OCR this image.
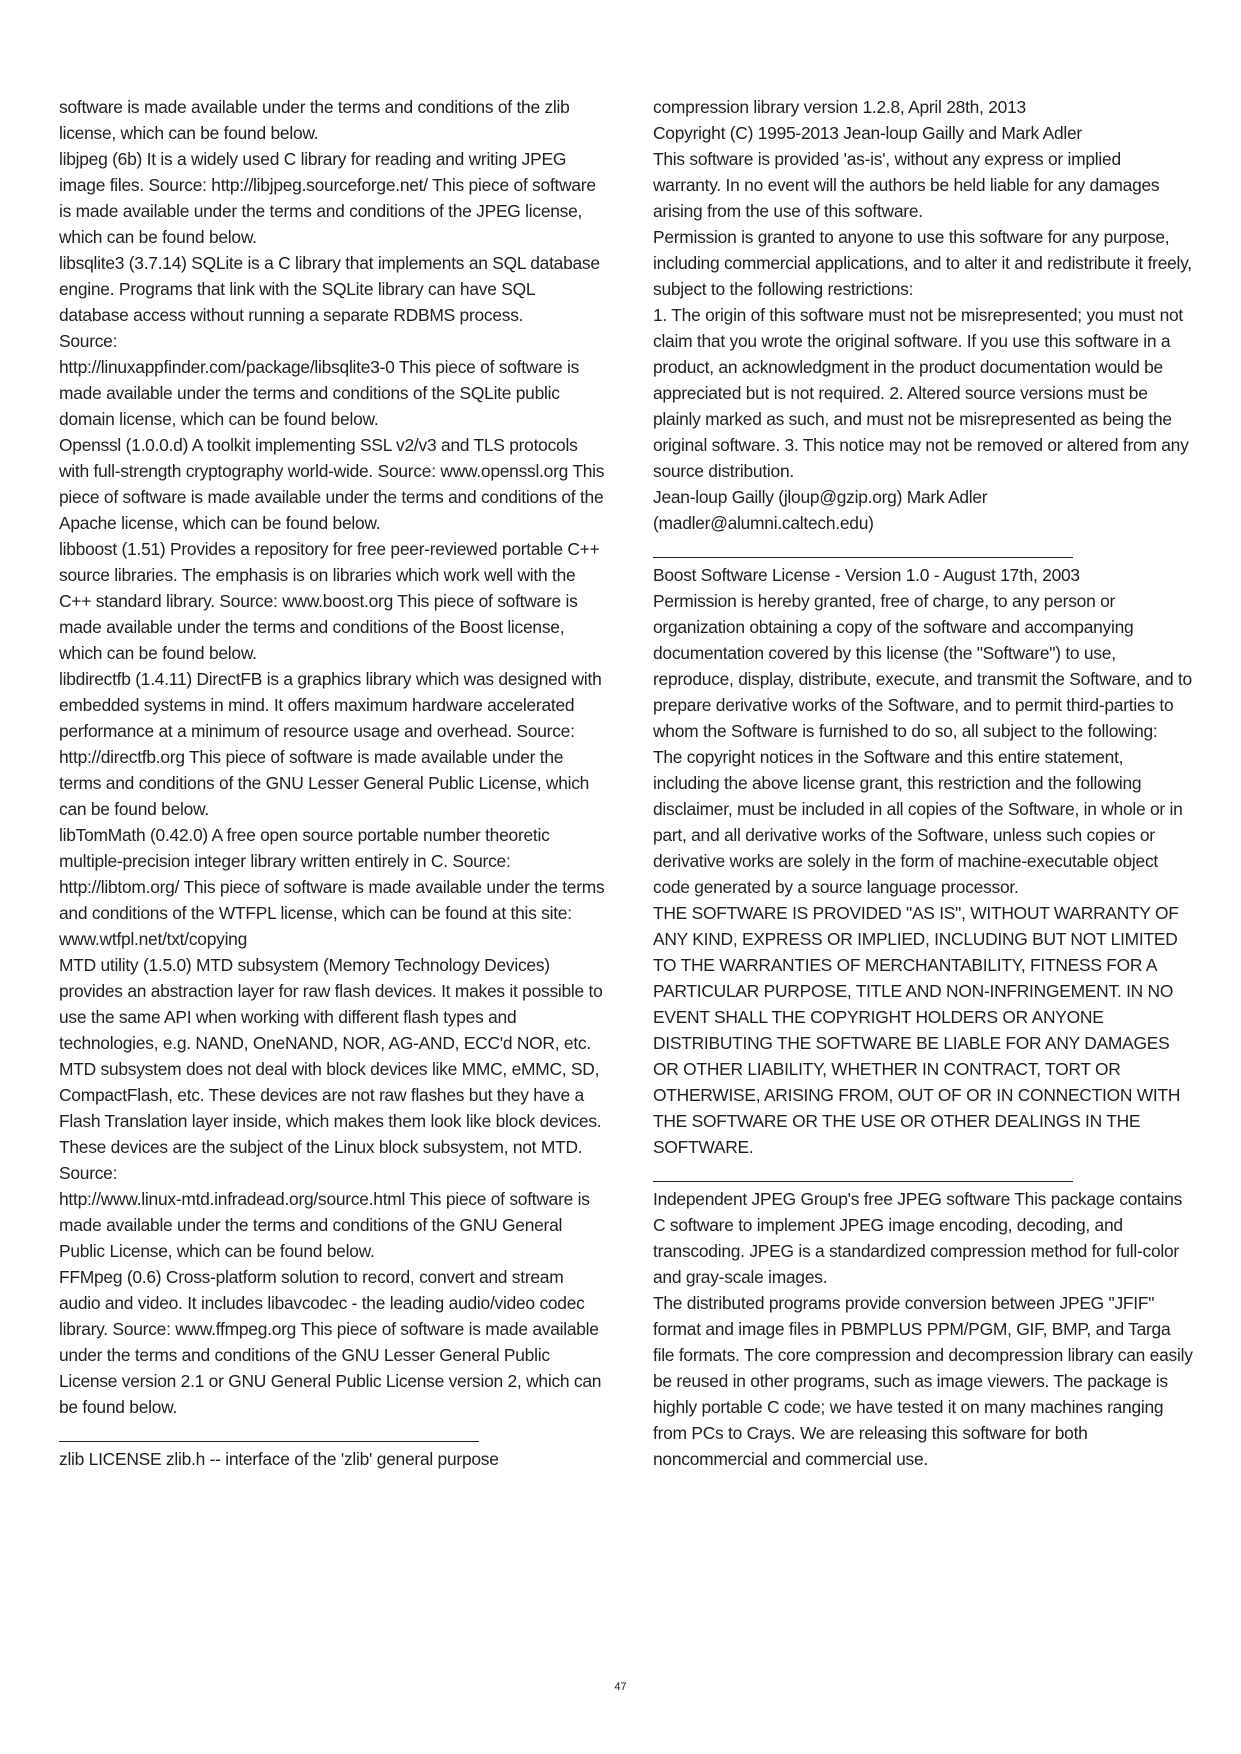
software is made available under the terms and conditions of the zlib license, which can be found below.

libjpeg (6b) It is a widely used C library for reading and writing JPEG image files. Source: http://libjpeg.sourceforge.net/ This piece of software is made available under the terms and conditions of the JPEG license, which can be found below.

libsqlite3 (3.7.14) SQLite is a C library that implements an SQL database engine. Programs that link with the SQLite library can have SQL database access without running a separate RDBMS process.

Source:

http://linuxappfinder.com/package/libsqlite3-0 This piece of software is made available under the terms and conditions of the SQLite public domain license, which can be found below.

Openssl (1.0.0.d) A toolkit implementing SSL v2/v3 and TLS protocols with full-strength cryptography world-wide. Source: www.openssl.org This piece of software is made available under the terms and conditions of the Apache license, which can be found below.

libboost (1.51) Provides a repository for free peer-reviewed portable C++ source libraries. The emphasis is on libraries which work well with the C++ standard library. Source: www.boost.org This piece of software is made available under the terms and conditions of the Boost license, which can be found below.

libdirectfb (1.4.11) DirectFB is a graphics library which was designed with embedded systems in mind. It offers maximum hardware accelerated performance at a minimum of resource usage and overhead. Source: http://directfb.org This piece of software is made available under the terms and conditions of the GNU Lesser General Public License, which can be found below.

libTomMath (0.42.0) A free open source portable number theoretic multiple-precision integer library written entirely in C. Source: http://libtom.org/ This piece of software is made available under the terms and conditions of the WTFPL license, which can be found at this site: www.wtfpl.net/txt/copying

MTD utility (1.5.0) MTD subsystem (Memory Technology Devices) provides an abstraction layer for raw flash devices. It makes it possible to use the same API when working with different flash types and technologies, e.g. NAND, OneNAND, NOR, AG-AND, ECC'd NOR, etc. MTD subsystem does not deal with block devices like MMC, eMMC, SD, CompactFlash, etc. These devices are not raw flashes but they have a Flash Translation layer inside, which makes them look like block devices. These devices are the subject of the Linux block subsystem, not MTD.

Source:

http://www.linux-mtd.infradead.org/source.html This piece of software is made available under the terms and conditions of the GNU General Public License, which can be found below.

FFMpeg (0.6) Cross-platform solution to record, convert and stream audio and video. It includes libavcodec - the leading audio/video codec library. Source: www.ffmpeg.org This piece of software is made available under the terms and conditions of the GNU Lesser General Public License version 2.1 or GNU General Public License version 2, which can be found below.

zlib LICENSE zlib.h -- interface of the 'zlib' general purpose

compression library version 1.2.8, April 28th, 2013

Copyright (C) 1995-2013 Jean-loup Gailly and Mark Adler

This software is provided 'as-is', without any express or implied warranty. In no event will the authors be held liable for any damages arising from the use of this software.

Permission is granted to anyone to use this software for any purpose, including commercial applications, and to alter it and redistribute it freely, subject to the following restrictions:

1. The origin of this software must not be misrepresented; you must not claim that you wrote the original software. If you use this software in a product, an acknowledgment in the product documentation would be appreciated but is not required. 2. Altered source versions must be plainly marked as such, and must not be misrepresented as being the original software. 3. This notice may not be removed or altered from any source distribution.

Jean-loup Gailly (jloup@gzip.org) Mark Adler (madler@alumni.caltech.edu)

Boost Software License - Version 1.0 - August 17th, 2003

Permission is hereby granted, free of charge, to any person or organization obtaining a copy of the software and accompanying documentation covered by this license (the "Software") to use, reproduce, display, distribute, execute, and transmit the Software, and to prepare derivative works of the Software, and to permit third-parties to whom the Software is furnished to do so, all subject to the following:

The copyright notices in the Software and this entire statement, including the above license grant, this restriction and the following disclaimer, must be included in all copies of the Software, in whole or in part, and all derivative works of the Software, unless such copies or derivative works are solely in the form of machine-executable object code generated by a source language processor.

THE SOFTWARE IS PROVIDED "AS IS", WITHOUT WARRANTY OF ANY KIND, EXPRESS OR IMPLIED, INCLUDING BUT NOT LIMITED TO THE WARRANTIES OF MERCHANTABILITY, FITNESS FOR A PARTICULAR PURPOSE, TITLE AND NON-INFRINGEMENT. IN NO EVENT SHALL THE COPYRIGHT HOLDERS OR ANYONE DISTRIBUTING THE SOFTWARE BE LIABLE FOR ANY DAMAGES OR OTHER LIABILITY, WHETHER IN CONTRACT, TORT OR OTHERWISE, ARISING FROM, OUT OF OR IN CONNECTION WITH THE SOFTWARE OR THE USE OR OTHER DEALINGS IN THE SOFTWARE.

Independent JPEG Group's free JPEG software This package contains C software to implement JPEG image encoding, decoding, and transcoding. JPEG is a standardized compression method for full-color and gray-scale images.

The distributed programs provide conversion between JPEG "JFIF" format and image files in PBMPLUS PPM/PGM, GIF, BMP, and Targa file formats. The core compression and decompression library can easily be reused in other programs, such as image viewers. The package is highly portable C code; we have tested it on many machines ranging from PCs to Crays. We are releasing this software for both noncommercial and commercial use.

47
